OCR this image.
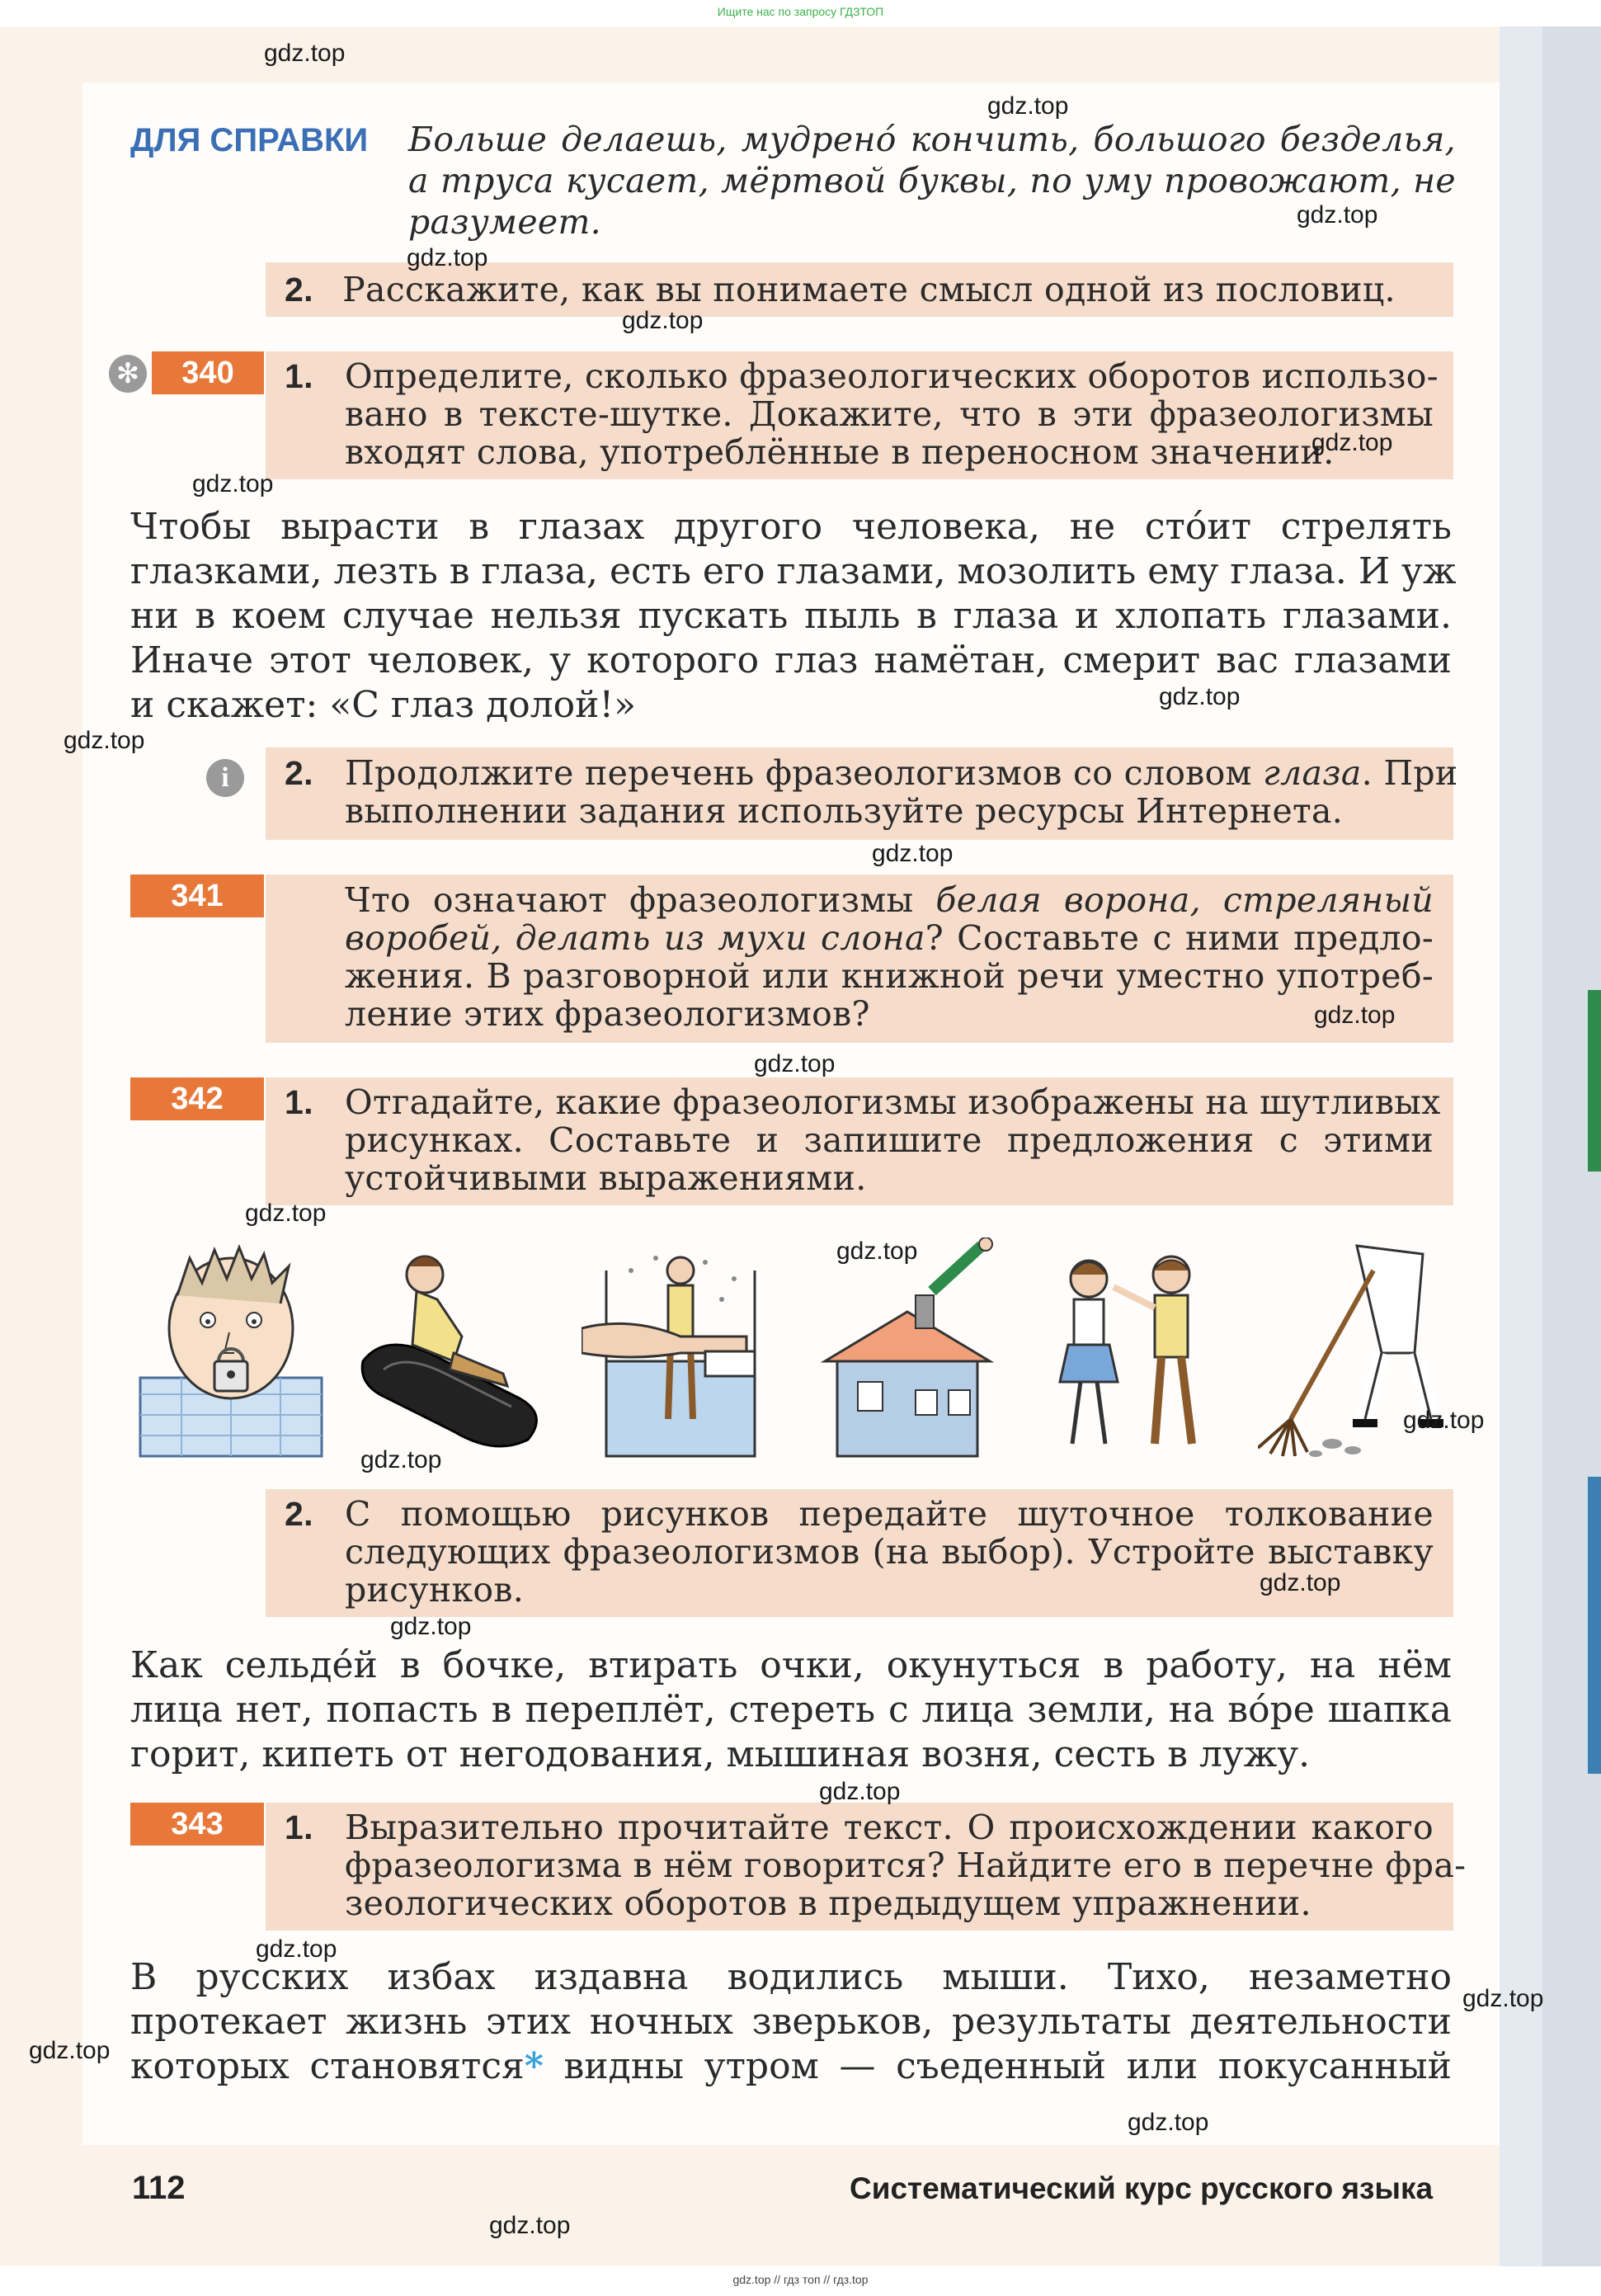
Ищите нас по запросу ГДЗТОП
ДЛЯ СПРАВКИ Больше делаешь, мудрено́ кончить, большого безделья,
а труса кусает, мёртвой буквы, по уму провожают, не
разумеет.
2. Расскажите, как вы понимаете смысл одной из пословиц.
✻	340	1. Определите, сколько фразеологических оборотов использо-
вано в тексте-шутке. Докажите, что в эти фразеологизмы
входят слова, употреблённые в переносном значении.
Чтобы вырасти в глазах другого человека, не сто́ит стрелять
глазками, лезть в глаза, есть его глазами, мозолить ему глаза. И уж
ни в коем случае нельзя пускать пыль в глаза и хлопать глазами.
Иначе этот человек, у которого глаз намётан, смерит вас глазами
и скажет: «С глаз долой!»
i	2. Продолжите перечень фразеологизмов со словом глаза. При
выполнении задания используйте ресурсы Интернета.
341	Что означают фразеологизмы белая ворона, стреляный
воробей, делать из мухи слона? Составьте с ними предло-
жения. В разговорной или книжной речи уместно употреб-
ление этих фразеологизмов?
342	1. Отгадайте, какие фразеологизмы изображены на шутливых
рисунках. Составьте и запишите предложения с этими
устойчивыми выражениями.
2. С помощью рисунков передайте шуточное толкование
следующих фразеологизмов (на выбор). Устройте выставку
рисунков.
Как сельде́й в бочке, втирать очки, окунуться в работу, на нём
лица нет, попасть в переплёт, стереть с лица земли, на во́ре шапка
горит, кипеть от негодования, мышиная возня, сесть в лужу.
343	1. Выразительно прочитайте текст. О происхождении какого
фразеологизма в нём говорится? Найдите его в перечне фра-
зеологических оборотов в предыдущем упражнении.
В русских избах издавна водились мыши. Тихо, незаметно
протекает жизнь этих ночных зверьков, результаты деятельности
которых становятся* видны утром — съеденный или покусанный
112	Систематический курс русского языка
gdz.top
gdz.top
gdz.top
gdz.top
gdz.top
gdz.top
gdz.top
gdz.top
gdz.top
gdz.top
gdz.top
gdz.top
gdz.top
gdz.top
gdz.top
gdz.top
gdz.top
gdz.top
gdz.top
gdz.top
gdz.top
gdz.top
gdz.top
gdz.top
gdz.top // гдз топ // гдз.top
